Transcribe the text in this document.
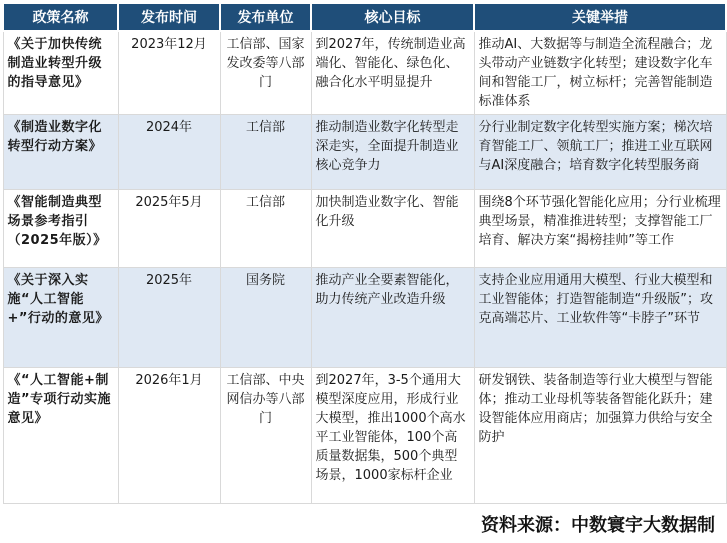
政策名称	发布时间	发布单位	核心目标	关键举措
《关于加快传统制造业转型升级的指导意见》	2023年12月	工信部、国家发改委等八部门	到2027年，传统制造业高端化、智能化、绿色化、融合化水平明显提升	推动AI、大数据等与制造全流程融合；龙头带动产业链数字化转型；建设数字化车间和智能工厂，树立标杆；完善智能制造标准体系
《制造业数字化转型行动方案》	2024年	工信部	推动制造业数字化转型走深走实，全面提升制造业核心竞争力	分行业制定数字化转型实施方案；梯次培育智能工厂、领航工厂；推进工业互联网与AI深度融合；培育数字化转型服务商
《智能制造典型场景参考指引（2025年版）》	2025年5月	工信部	加快制造业数字化、智能化升级	围绕8个环节强化智能化应用；分行业梳理典型场景，精准推进转型；支撑智能工厂培育、解决方案“揭榜挂帅”等工作
《关于深入实施“人工智能+”行动的意见》	2025年	国务院	推动产业全要素智能化，助力传统产业改造升级	支持企业应用通用大模型、行业大模型和工业智能体；打造智能制造“升级版”；攻克高端芯片、工业软件等“卡脖子”环节
《“人工智能+制造”专项行动实施意见》	2026年1月	工信部、中央网信办等八部门	到2027年，3-5个通用大模型深度应用，形成行业大模型，推出1000个高水平工业智能体，100个高质量数据集，500个典型场景，1000家标杆企业	研发钢铁、装备制造等行业大模型与智能体；推动工业母机等装备智能化跃升；建设智能体应用商店；加强算力供给与安全防护
资料来源：中数寰宇大数据制
